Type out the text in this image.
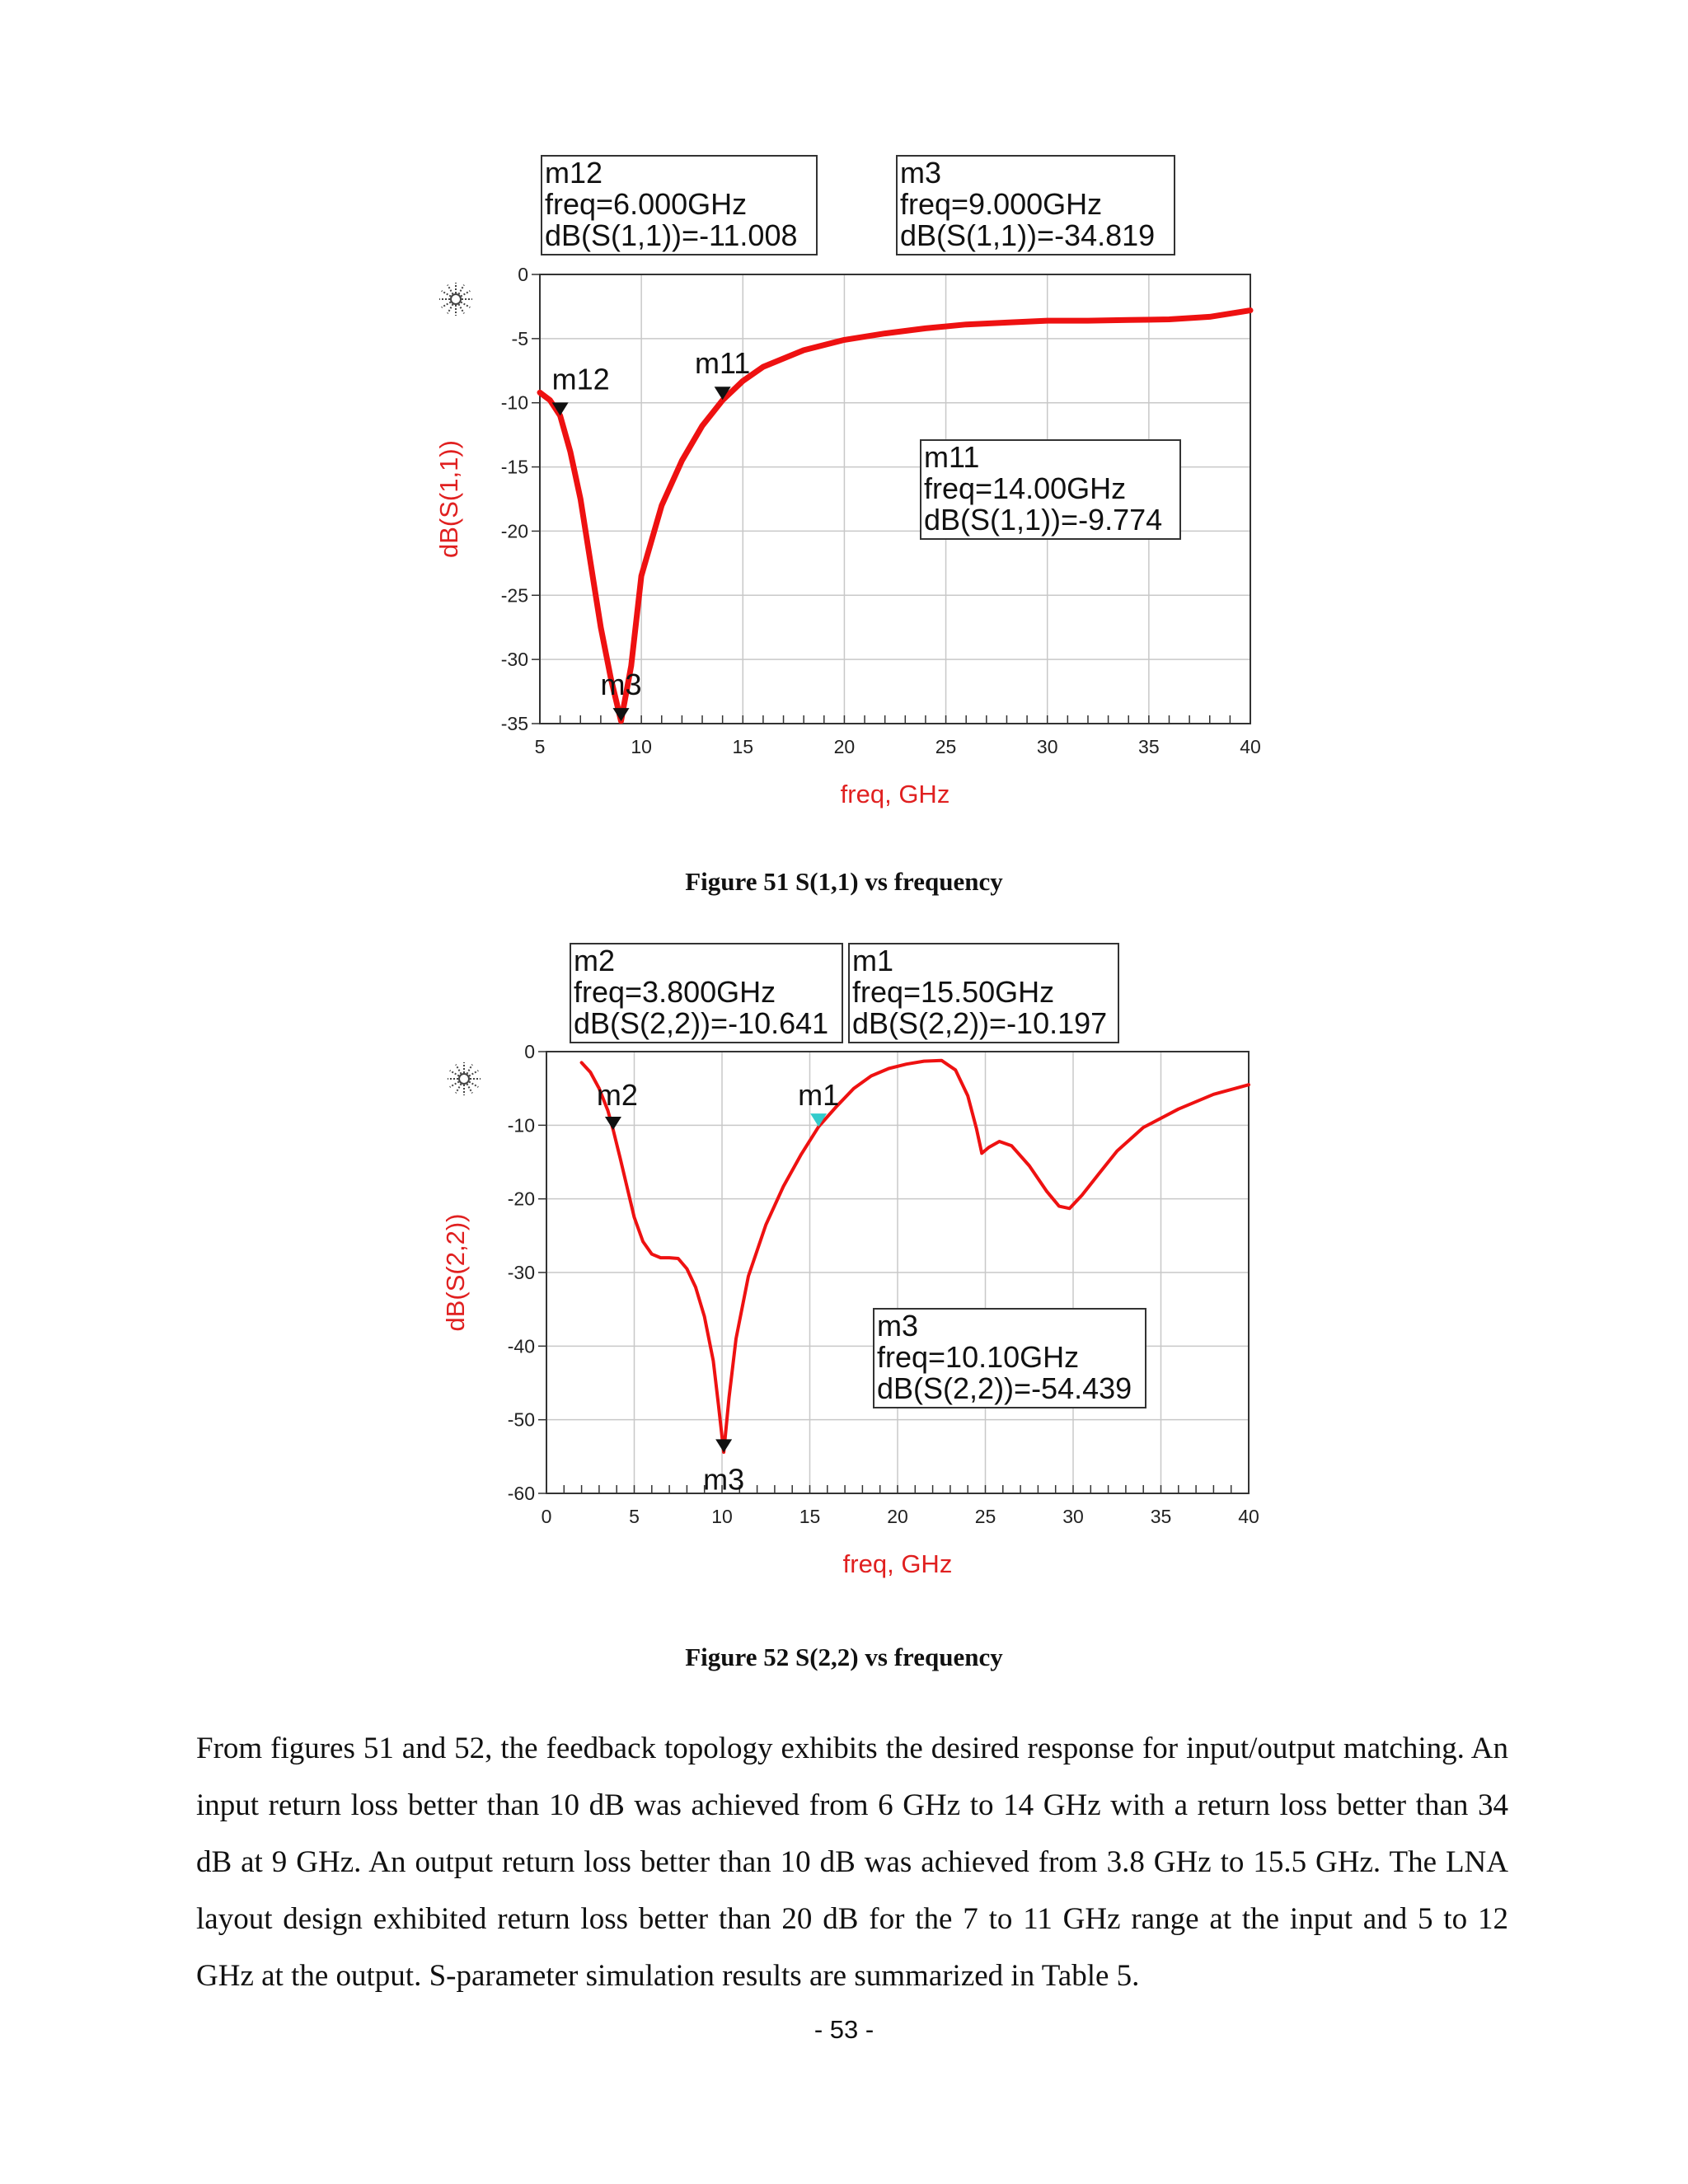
5	10	15	20	25	30	35	40
0
-5
-10
-15
-20
-25
-30
-35
freq, GHz
dB(S(1,1))
m12	m11
m3
m12
freq=6.000GHz
dB(S(1,1))=-11.008
m3
freq=9.000GHz
dB(S(1,1))=-34.819
m11
freq=14.00GHz
dB(S(1,1))=-9.774
Figure 51 S(1,1) vs frequency
0	5	10	15	20	25	30	35	40
0
-10
-20
-30
-40
-50
-60
freq, GHz
dB(S(2,2))
m2	m1
m3
m2
freq=3.800GHz
dB(S(2,2))=-10.641
m1
freq=15.50GHz
dB(S(2,2))=-10.197
m3
freq=10.10GHz
dB(S(2,2))=-54.439
Figure 52 S(2,2) vs frequency

From figures 51 and 52, the feedback topology exhibits the desired response for input/output matching. An input return loss better than 10 dB was achieved from 6 GHz to 14 GHz with a return loss better than 34 dB at 9 GHz. An output return loss better than 10 dB was achieved from 3.8 GHz to 15.5 GHz. The LNA layout design exhibited return loss better than 20 dB for the 7 to 11 GHz range at the input and 5 to 12 GHz at the output. S-parameter simulation results are summarized in Table 5.

- 53 -
